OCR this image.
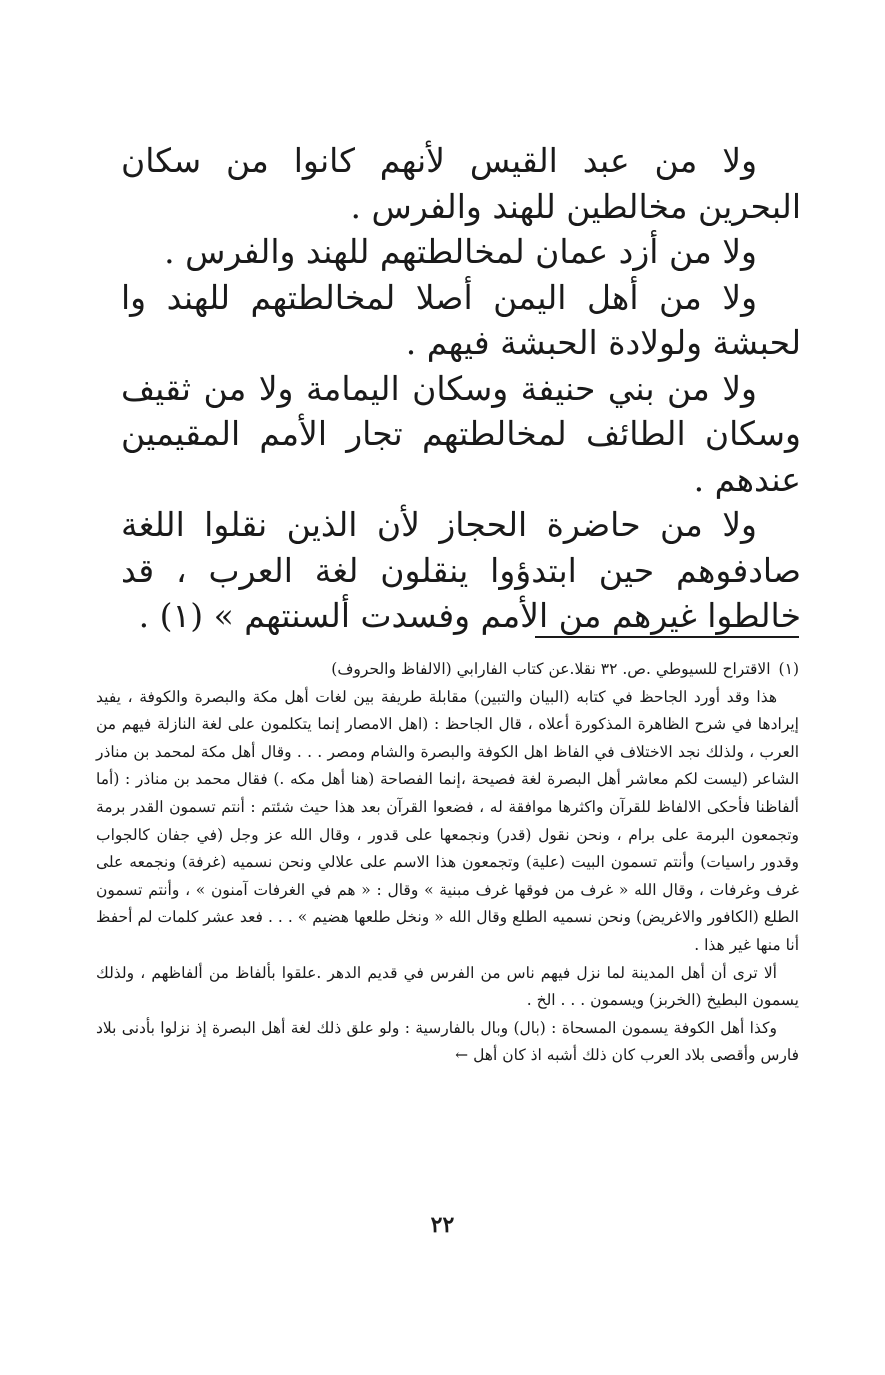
ولا من عبد القيس لأنهم كانوا من سكان البحرين مخالطين للهند والفرس .

ولا من أزد عمان لمخالطتهم للهند والفرس .

ولا من أهل اليمن أصلا لمخالطتهم للهند وا لحبشة ولولادة الحبشة فيهم .

ولا من بني حنيفة وسكان اليمامة ولا من ثقيف وسكان الطائف لمخالطتهم تجار الأمم المقيمين عندهم .

ولا من حاضرة الحجاز لأن الذين نقلوا اللغة صادفوهم حين ابتدؤوا ينقلون لغة العرب ، قد خالطوا غيرهم من الأمم وفسدت ألسنتهم » (١) .

(١)
الاقتراح للسيوطي .ص. ٣٢ نقلا.عن كتاب الفارابي (الالفاظ والحروف)

هذا وقد أورد الجاحظ في كتابه (البيان والتبين) مقابلة طريفة بين لغات أهل مكة والبصرة والكوفة ، يفيد إيرادها في شرح الظاهرة المذكورة أعلاه ، قال الجاحظ : (اهل الامصار إنما يتكلمون على لغة النازلة فيهم من العرب ، ولذلك نجد الاختلاف في الفاظ اهل الكوفة والبصرة والشام ومصر . . . وقال أهل مكة لمحمد بن مناذر الشاعر (ليست لكم معاشر أهل البصرة لغة فصيحة ،إنما الفصاحة (هنا أهل مكه .) فقال محمد بن مناذر : (أما ألفاظنا فأحكى الالفاظ للقرآن واكثرها موافقة له ، فضعوا القرآن بعد هذا حيث شئتم : أنتم تسمون القدر برمة وتجمعون البرمة على برام ، ونحن نقول (قدر) ونجمعها على قدور ، وقال الله عز وجل (في جفان كالجواب وقدور راسيات) وأنتم تسمون البيت (علية) وتجمعون هذا الاسم على علالي ونحن نسميه (غرفة) ونجمعه على غرف وغرفات ، وقال الله « غرف من فوقها غرف مبنية » وقال : « هم في الغرفات آمنون » ، وأنتم تسمون الطلع (الكافور والاغريض) ونحن نسميه الطلع وقال الله « ونخل طلعها هضيم » . . . فعد عشر كلمات لم أحفظ أنا منها غير هذا .

ألا ترى أن أهل المدينة لما نزل فيهم ناس من الفرس في قديم الدهر .علقوا بألفاظ من ألفاظهم ، ولذلك يسمون البطيخ (الخربز) ويسمون . . . الخ .

وكذا أهل الكوفة يسمون المسحاة : (بال) وبال بالفارسية : ولو علق ذلك لغة أهل البصرة إذ نزلوا بأدنى بلاد فارس وأقصى بلاد العرب كان ذلك أشبه اذ كان أهل ←

٢٢
